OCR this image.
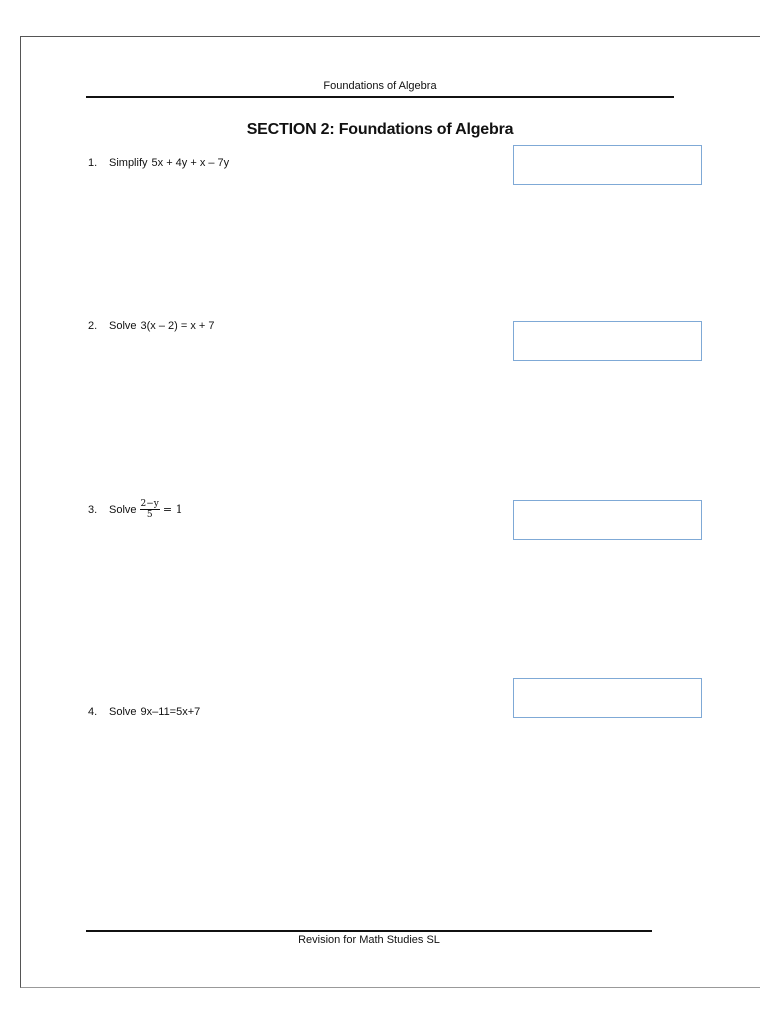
Foundations of Algebra
SECTION 2: Foundations of Algebra
1.	Simplify 5x + 4y + x – 7y
2.	Solve 3(x – 2) = x + 7
3.	Solve $\frac{2-y}{5} = 1$
4.	Solve 9x–11=5x+7
Revision for Math Studies SL
